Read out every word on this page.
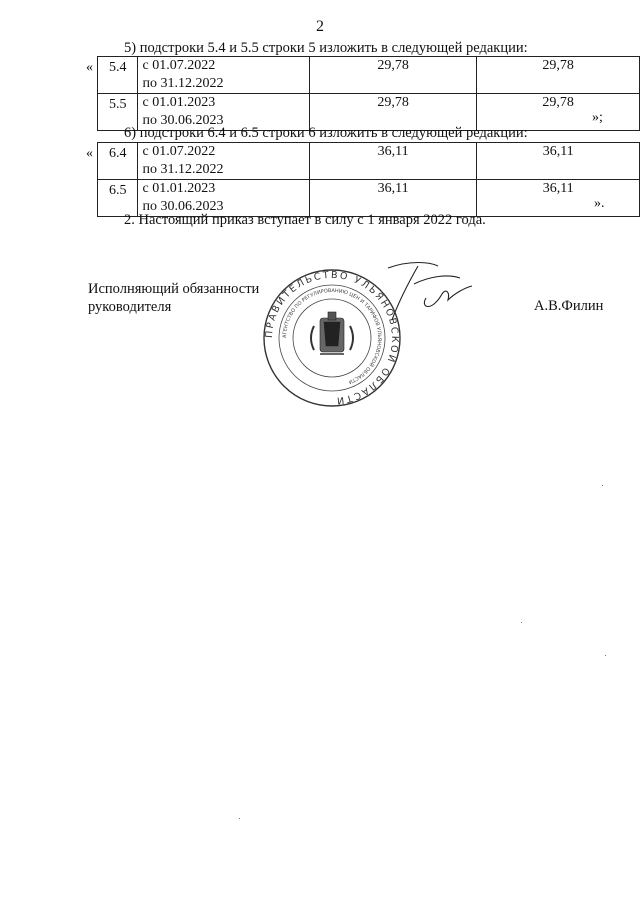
2
5) подстроки 5.4 и 5.5 строки 5 изложить в следующей редакции:
« 5.4	с 01.07.2022
по 31.12.2022	29,78	29,78
5.5	с 01.01.2023
по 30.06.2023	29,78	29,78
»;
6) подстроки 6.4 и 6.5 строки 6 изложить в следующей редакции:
« 6.4	с 01.07.2022
по 31.12.2022	36,11	36,11
6.5	с 01.01.2023
по 30.06.2023	36,11	36,11
».
2. Настоящий приказ вступает в силу с 1 января 2022 года.
Исполняющий обязанности
руководителя	А.В.Филин
ПРАВИТЕЛЬСТВО УЛЬЯНОВСКОЙ ОБЛАСТИ
АГЕНТСТВО ПО РЕГУЛИРОВАНИЮ ЦЕН И ТАРИФОВ УЛЬЯНОВСКОЙ ОБЛАСТИ
